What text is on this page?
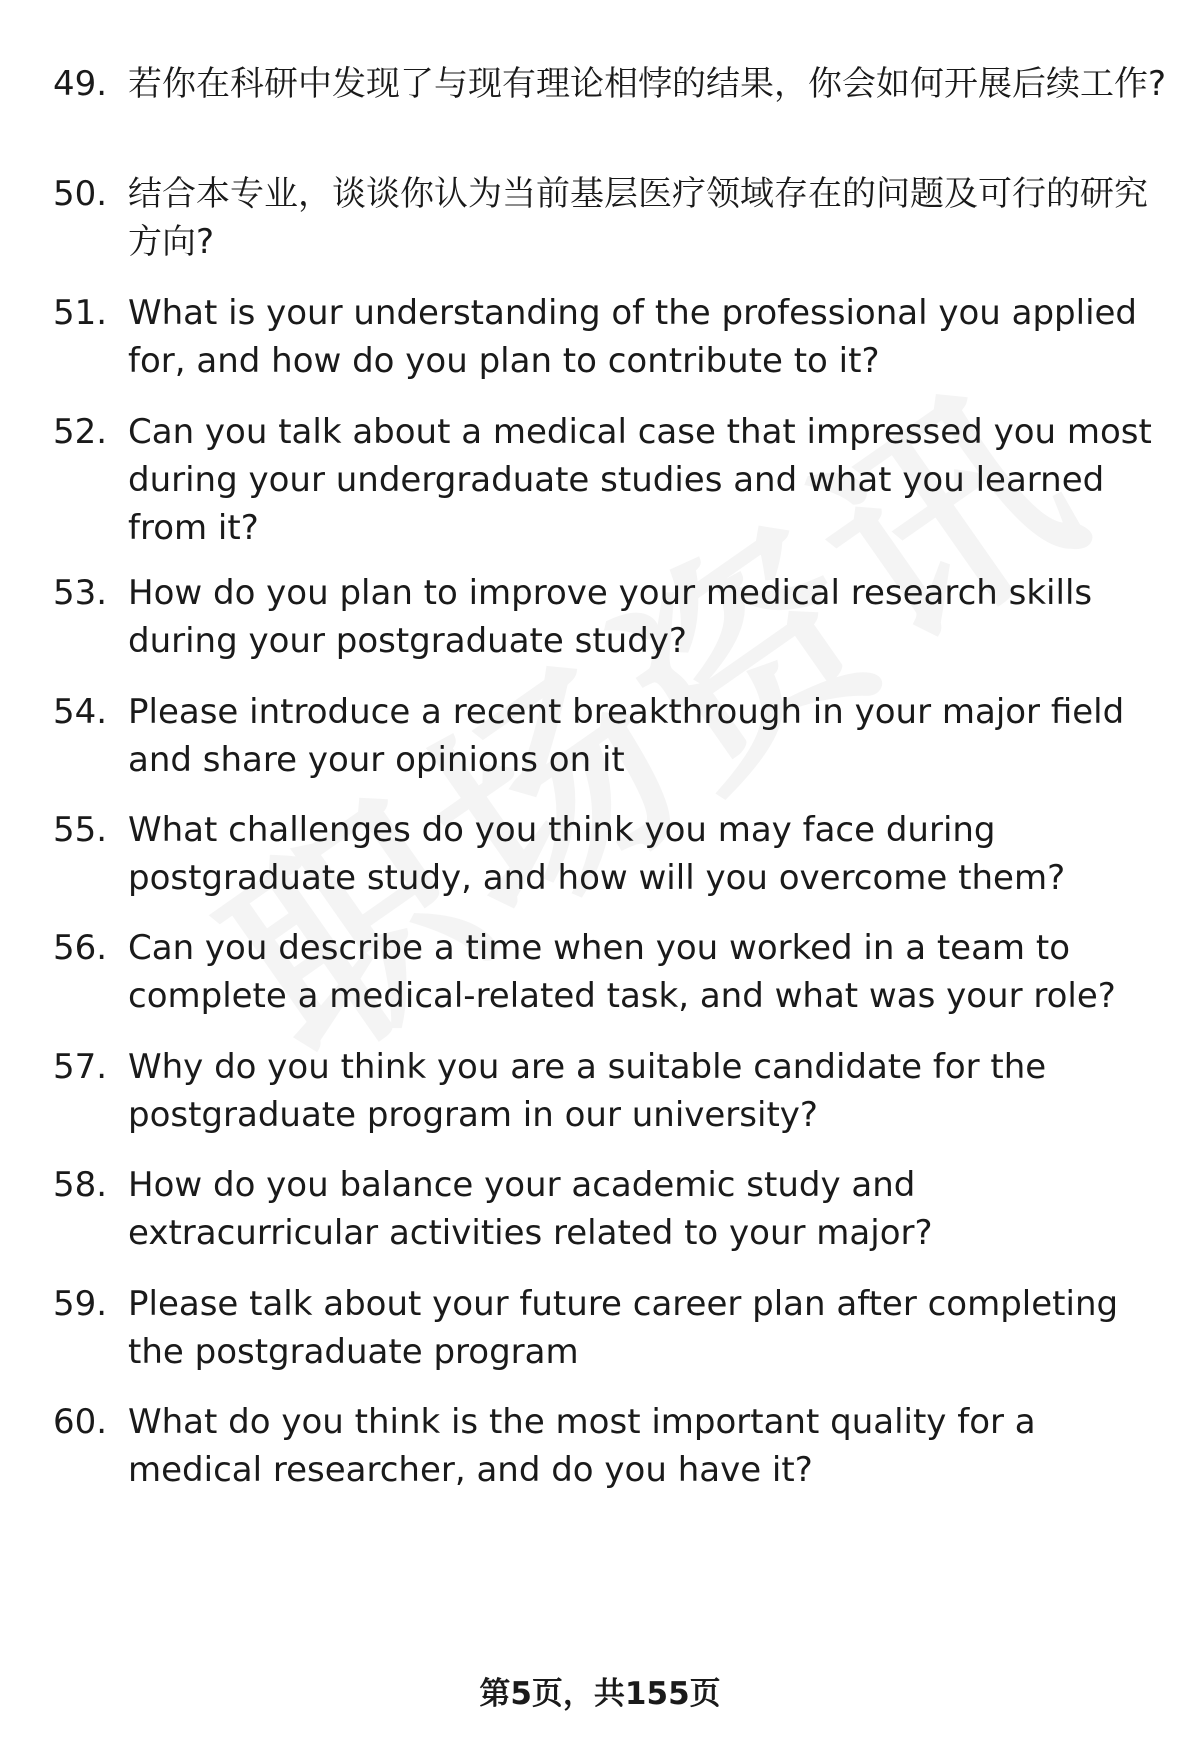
49. 若你在科研中发现了与现有理论相悖的结果，你会如何开展后续工作?
50. 结合本专业，谈谈你认为当前基层医疗领域存在的问题及可行的研究方向?
51. What is your understanding of the professional you applied for, and how do you plan to contribute to it?
52. Can you talk about a medical case that impressed you most during your undergraduate studies and what you learned from it?
53. How do you plan to improve your medical research skills during your postgraduate study?
54. Please introduce a recent breakthrough in your major field and share your opinions on it
55. What challenges do you think you may face during postgraduate study, and how will you overcome them?
56. Can you describe a time when you worked in a team to complete a medical-related task, and what was your role?
57. Why do you think you are a suitable candidate for the postgraduate program in our university?
58. How do you balance your academic study and extracurricular activities related to your major?
59. Please talk about your future career plan after completing the postgraduate program
60. What do you think is the most important quality for a medical researcher, and do you have it?
第5页，共155页
